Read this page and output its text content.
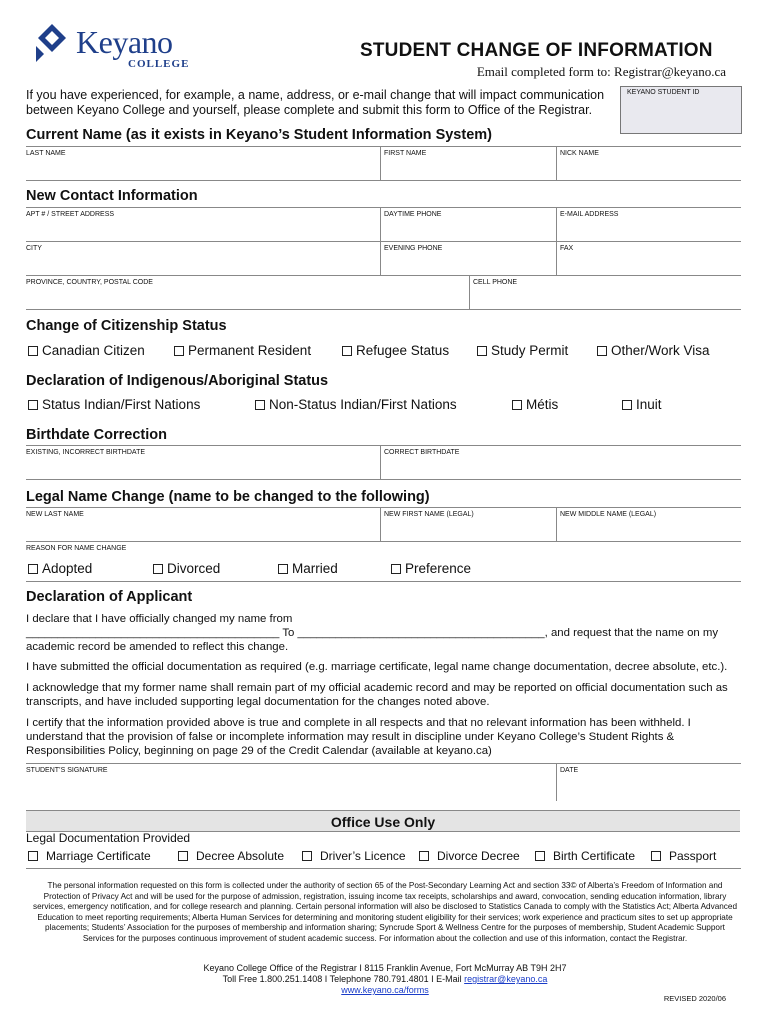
Keyano
COLLEGE
STUDENT CHANGE OF INFORMATION
Email completed form to: Registrar@keyano.ca
If you have experienced, for example, a name, address, or e-mail change that will impact communication between Keyano College and yourself, please complete and submit this form to Office of the Registrar.
KEYANO STUDENT ID
Current Name (as it exists in Keyano’s Student Information System)
LAST NAME	FIRST NAME	NICK NAME
New Contact Information
APT # / STREET ADDRESS	DAYTIME PHONE	E-MAIL ADDRESS
CITY	EVENING PHONE	FAX
PROVINCE, COUNTRY, POSTAL CODE	CELL PHONE
Change of Citizenship Status
Canadian Citizen	Permanent Resident	Refugee Status	Study Permit	Other/Work Visa
Declaration of Indigenous/Aboriginal Status
Status Indian/First Nations	Non-Status Indian/First Nations	Métis	Inuit
Birthdate Correction
EXISTING, INCORRECT BIRTHDATE	CORRECT BIRTHDATE
Legal Name Change (name to be changed to the following)
NEW LAST NAME	NEW FIRST NAME (LEGAL)	NEW MIDDLE NAME (LEGAL)
REASON FOR NAME CHANGE
Adopted	Divorced	Married	Preference
Declaration of Applicant
I declare that I have officially changed my name from
________________________________________ To _______________________________________, and request that the name on my
academic record be amended to reflect this change.
I have submitted the official documentation as required (e.g. marriage certificate, legal name change documentation, decree absolute, etc.).
I acknowledge that my former name shall remain part of my official academic record and may be reported on official documentation such as transcripts, and have included supporting legal documentation for the changes noted above.
I certify that the information provided above is true and complete in all respects and that no relevant information has been withheld. I understand that the provision of false or incomplete information may result in discipline under Keyano College’s Student Rights & Responsibilities Policy, beginning on page 29 of the Credit Calendar (available at keyano.ca)
STUDENT’S SIGNATURE	DATE
Office Use Only
Legal Documentation Provided
Marriage Certificate	Decree Absolute	Driver’s Licence	Divorce Decree	Birth Certificate	Passport
The personal information requested on this form is collected under the authority of section 65 of the Post-Secondary Learning Act and section 33© of Alberta’s Freedom of Information and Protection of Privacy Act and will be used for the purpose of admission, registration, issuing income tax receipts, scholarships and award, convocation, sending education information, library services, emergency notification, and for college research and planning. Certain personal information will also be disclosed to Statistics Canada to comply with the Statistics Act; Alberta Advanced Education to meet reporting requirements; Alberta Human Services for determining and monitoring student eligibility for their services; work experience and practicum sites to set up appropriate placements; Students’ Association for the purposes of membership and information sharing; Syncrude Sport & Wellness Centre for the purposes of membership, Student Academic Support Services for the purposes continuous improvement of student academic success. For information about the collection and use of this information, contact the Registrar.
Keyano College Office of the Registrar I 8115 Franklin Avenue, Fort McMurray AB T9H 2H7
Toll Free 1.800.251.1408 I Telephone 780.791.4801 I E-Mail registrar@keyano.ca
www.keyano.ca/forms
REVISED 2020/06
